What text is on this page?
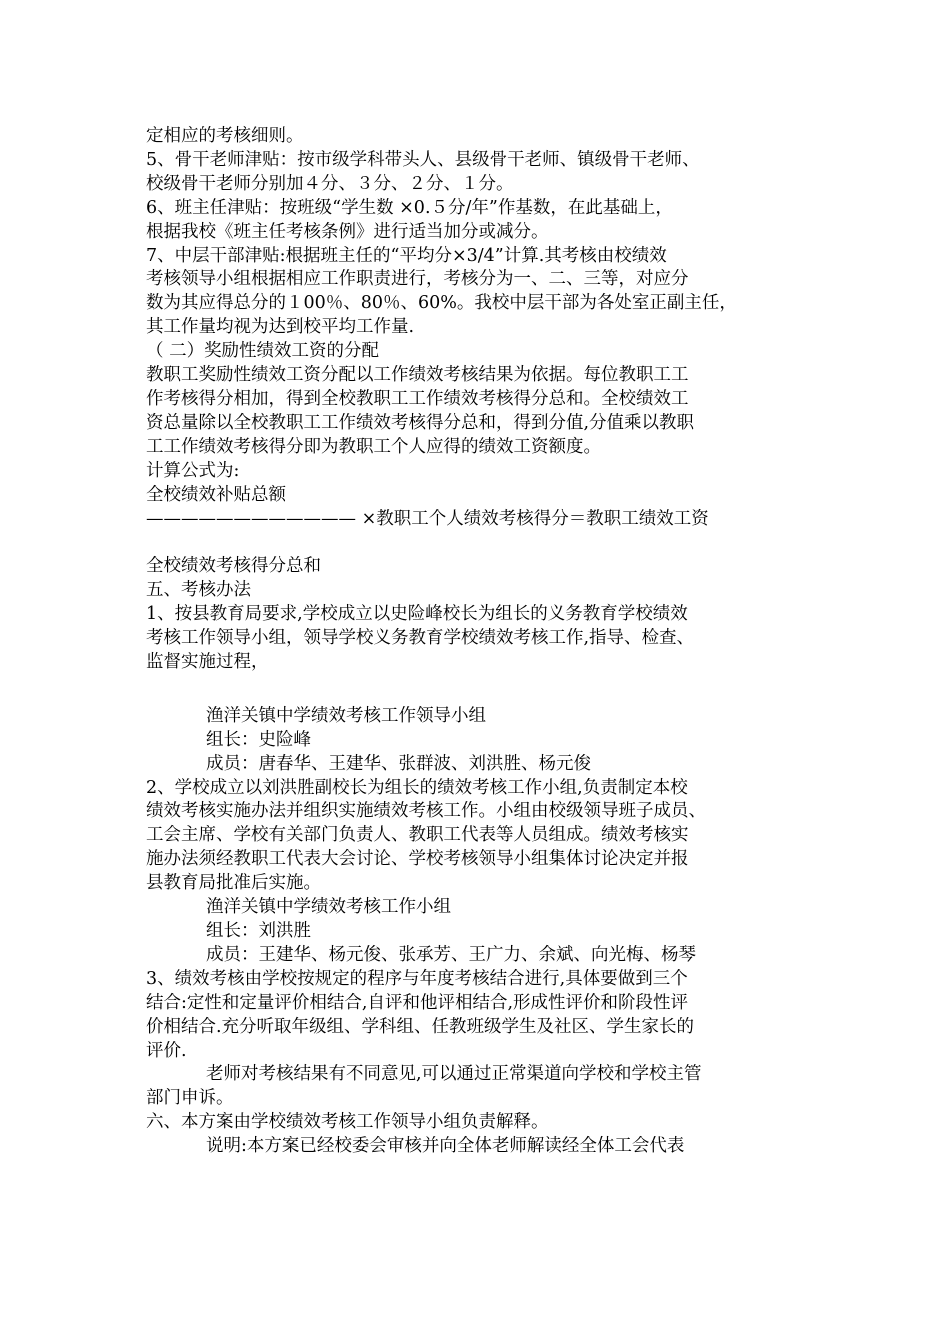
定相应的考核细则。
5、骨干老师津贴：按市级学科带头人、县级骨干老师、镇级骨干老师、
校级骨干老师分别加４分、３分、２分、１分。
6、班主任津贴：按班级“学生数 ×0.５分/年”作基数，在此基础上，
根据我校《班主任考核条例》进行适当加分或减分。
7、中层干部津贴:根据班主任的“平均分×3/4”计算.其考核由校绩效
考核领导小组根据相应工作职责进行，考核分为一、二、三等，对应分
数为其应得总分的１00％、80％、60%。我校中层干部为各处室正副主任，
其工作量均视为达到校平均工作量.
（ 二）奖励性绩效工资的分配
教职工奖励性绩效工资分配以工作绩效考核结果为依据。每位教职工工
作考核得分相加，得到全校教职工工作绩效考核得分总和。全校绩效工
资总量除以全校教职工工作绩效考核得分总和，得到分值,分值乘以教职
工工作绩效考核得分即为教职工个人应得的绩效工资额度。
计算公式为:
全校绩效补贴总额
———————————— ×教职工个人绩效考核得分＝教职工绩效工资
全校绩效考核得分总和
五、考核办法
1、按县教育局要求,学校成立以史险峰校长为组长的义务教育学校绩效
考核工作领导小组，领导学校义务教育学校绩效考核工作,指导、检查、
监督实施过程，
渔洋关镇中学绩效考核工作领导小组
组长：史险峰
成员：唐春华、王建华、张群波、刘洪胜、杨元俊
2、学校成立以刘洪胜副校长为组长的绩效考核工作小组,负责制定本校
绩效考核实施办法并组织实施绩效考核工作。小组由校级领导班子成员、
工会主席、学校有关部门负责人、教职工代表等人员组成。绩效考核实
施办法须经教职工代表大会讨论、学校考核领导小组集体讨论决定并报
县教育局批准后实施。
渔洋关镇中学绩效考核工作小组
组长：刘洪胜
成员：王建华、杨元俊、张承芳、王广力、余斌、向光梅、杨琴
3、绩效考核由学校按规定的程序与年度考核结合进行,具体要做到三个
结合:定性和定量评价相结合,自评和他评相结合,形成性评价和阶段性评
价相结合.充分听取年级组、学科组、任教班级学生及社区、学生家长的
评价.
老师对考核结果有不同意见,可以通过正常渠道向学校和学校主管
部门申诉。
六、本方案由学校绩效考核工作领导小组负责解释。
说明:本方案已经校委会审核并向全体老师解读经全体工会代表
